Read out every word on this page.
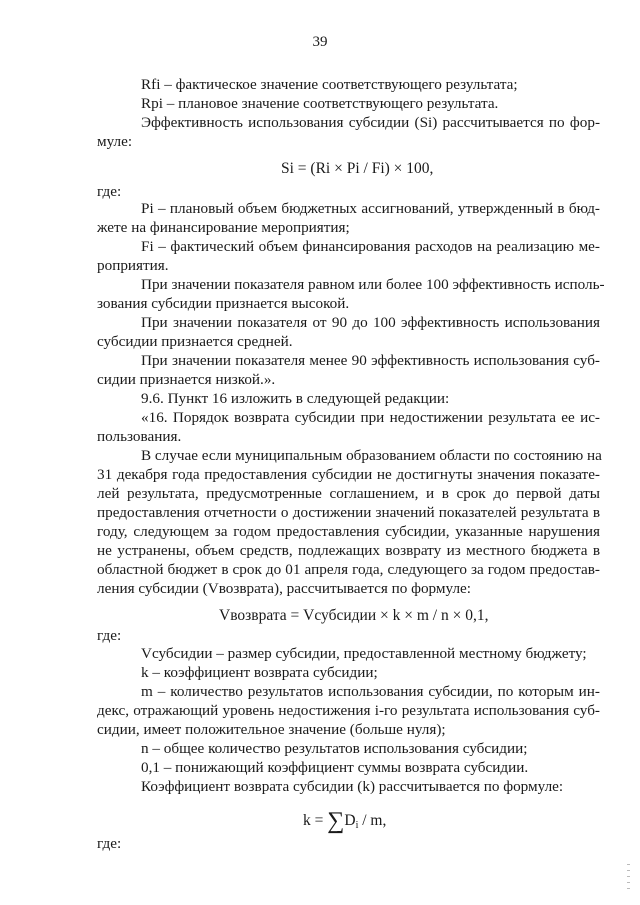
39
Rfi – фактическое значение соответствующего результата;
Rpi – плановое значение соответствующего результата.
Эффективность использования субсидии (Si) рассчитывается по фор-
муле:
Si = (Ri × Pi / Fi) × 100,
где:
Pi – плановый объем бюджетных ассигнований, утвержденный в бюд-
жете на финансирование мероприятия;
Fi – фактический объем финансирования расходов на реализацию ме-
роприятия.
При значении показателя равном или более 100 эффективность исполь-
зования субсидии признается высокой.
При значении показателя от 90 до 100 эффективность использования
субсидии признается средней.
При значении показателя менее 90 эффективность использования суб-
сидии признается низкой.».
9.6. Пункт 16 изложить в следующей редакции:
«16. Порядок возврата субсидии при недостижении результата ее ис-
пользования.
В случае если муниципальным образованием области по состоянию на
31 декабря года предоставления субсидии не достигнуты значения показате-
лей результата, предусмотренные соглашением, и в срок до первой даты
предоставления отчетности о достижении значений показателей результата в
году, следующем за годом предоставления субсидии, указанные нарушения
не устранены, объем средств, подлежащих возврату из местного бюджета в
областной бюджет в срок до 01 апреля года, следующего за годом предостав-
ления субсидии (Vвозврата), рассчитывается по формуле:
Vвозврата = Vсубсидии × k × m / n × 0,1,
где:
Vсубсидии – размер субсидии, предоставленной местному бюджету;
k – коэффициент возврата субсидии;
m – количество результатов использования субсидии, по которым ин-
декс, отражающий уровень недостижения i-го результата использования суб-
сидии, имеет положительное значение (больше нуля);
n – общее количество результатов использования субсидии;
0,1 – понижающий коэффициент суммы возврата субсидии.
Коэффициент возврата субсидии (k) рассчитывается по формуле:
$k = \sum D_i / m$,
где:
